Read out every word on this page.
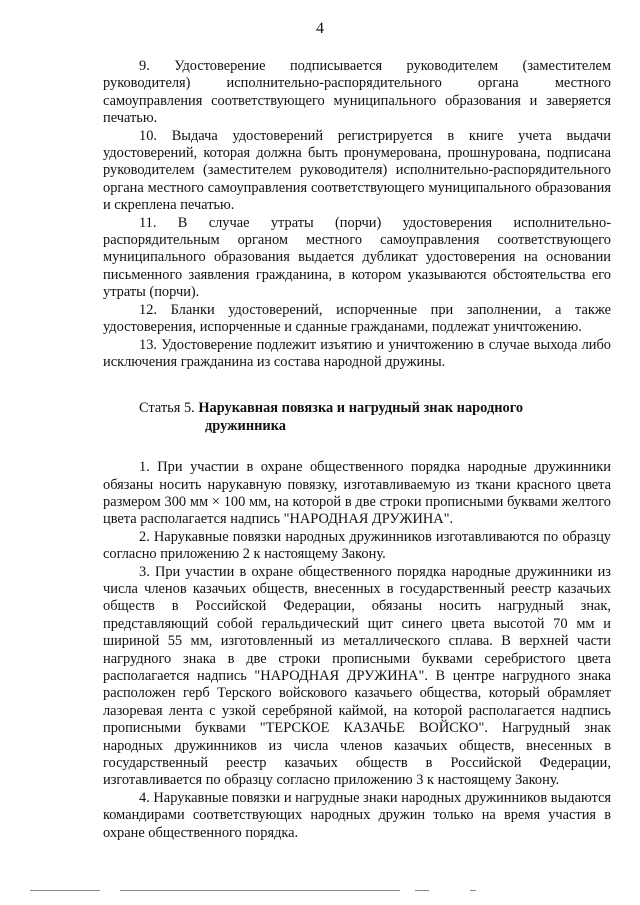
4

9. Удостоверение подписывается руководителем (заместителем руководителя) исполнительно-распорядительного органа местного самоуправления соответствующего муниципального образования и заверяется печатью.

10. Выдача удостоверений регистрируется в книге учета выдачи удостоверений, которая должна быть пронумерована, прошнурована, подписана руководителем (заместителем руководителя) исполнительно-распорядительного органа местного самоуправления соответствующего муниципального образования и скреплена печатью.

11. В случае утраты (порчи) удостоверения исполнительно-распорядительным органом местного самоуправления соответствующего муниципального образования выдается дубликат удостоверения на основании письменного заявления гражданина, в котором указываются обстоятельства его утраты (порчи).

12. Бланки удостоверений, испорченные при заполнении, а также удостоверения, испорченные и сданные гражданами, подлежат уничтожению.

13. Удостоверение подлежит изъятию и уничтожению в случае выхода либо исключения гражданина из состава народной дружины.

Статья 5. Нарукавная повязка и нагрудный знак народного
дружинника

1. При участии в охране общественного порядка народные дружинники обязаны носить нарукавную повязку, изготавливаемую из ткани красного цвета размером 300 мм × 100 мм, на которой в две строки прописными буквами желтого цвета располагается надпись "НАРОДНАЯ ДРУЖИНА".

2. Нарукавные повязки народных дружинников изготавливаются по образцу согласно приложению 2 к настоящему Закону.

3. При участии в охране общественного порядка народные дружинники из числа членов казачьих обществ, внесенных в государственный реестр казачьих обществ в Российской Федерации, обязаны носить нагрудный знак, представляющий собой геральдический щит синего цвета высотой 70 мм и шириной 55 мм, изготовленный из металлического сплава. В верхней части нагрудного знака в две строки прописными буквами серебристого цвета располагается надпись "НАРОДНАЯ ДРУЖИНА". В центре нагрудного знака расположен герб Терского войскового казачьего общества, который обрамляет лазоревая лента с узкой серебряной каймой, на которой располагается надпись прописными буквами "ТЕРСКОЕ КАЗАЧЬЕ ВОЙСКО". Нагрудный знак народных дружинников из числа членов казачьих обществ, внесенных в государственный реестр казачьих обществ в Российской Федерации, изготавливается по образцу согласно приложению 3 к настоящему Закону.

4. Нарукавные повязки и нагрудные знаки народных дружинников выдаются командирами соответствующих народных дружин только на время участия в охране общественного порядка.
